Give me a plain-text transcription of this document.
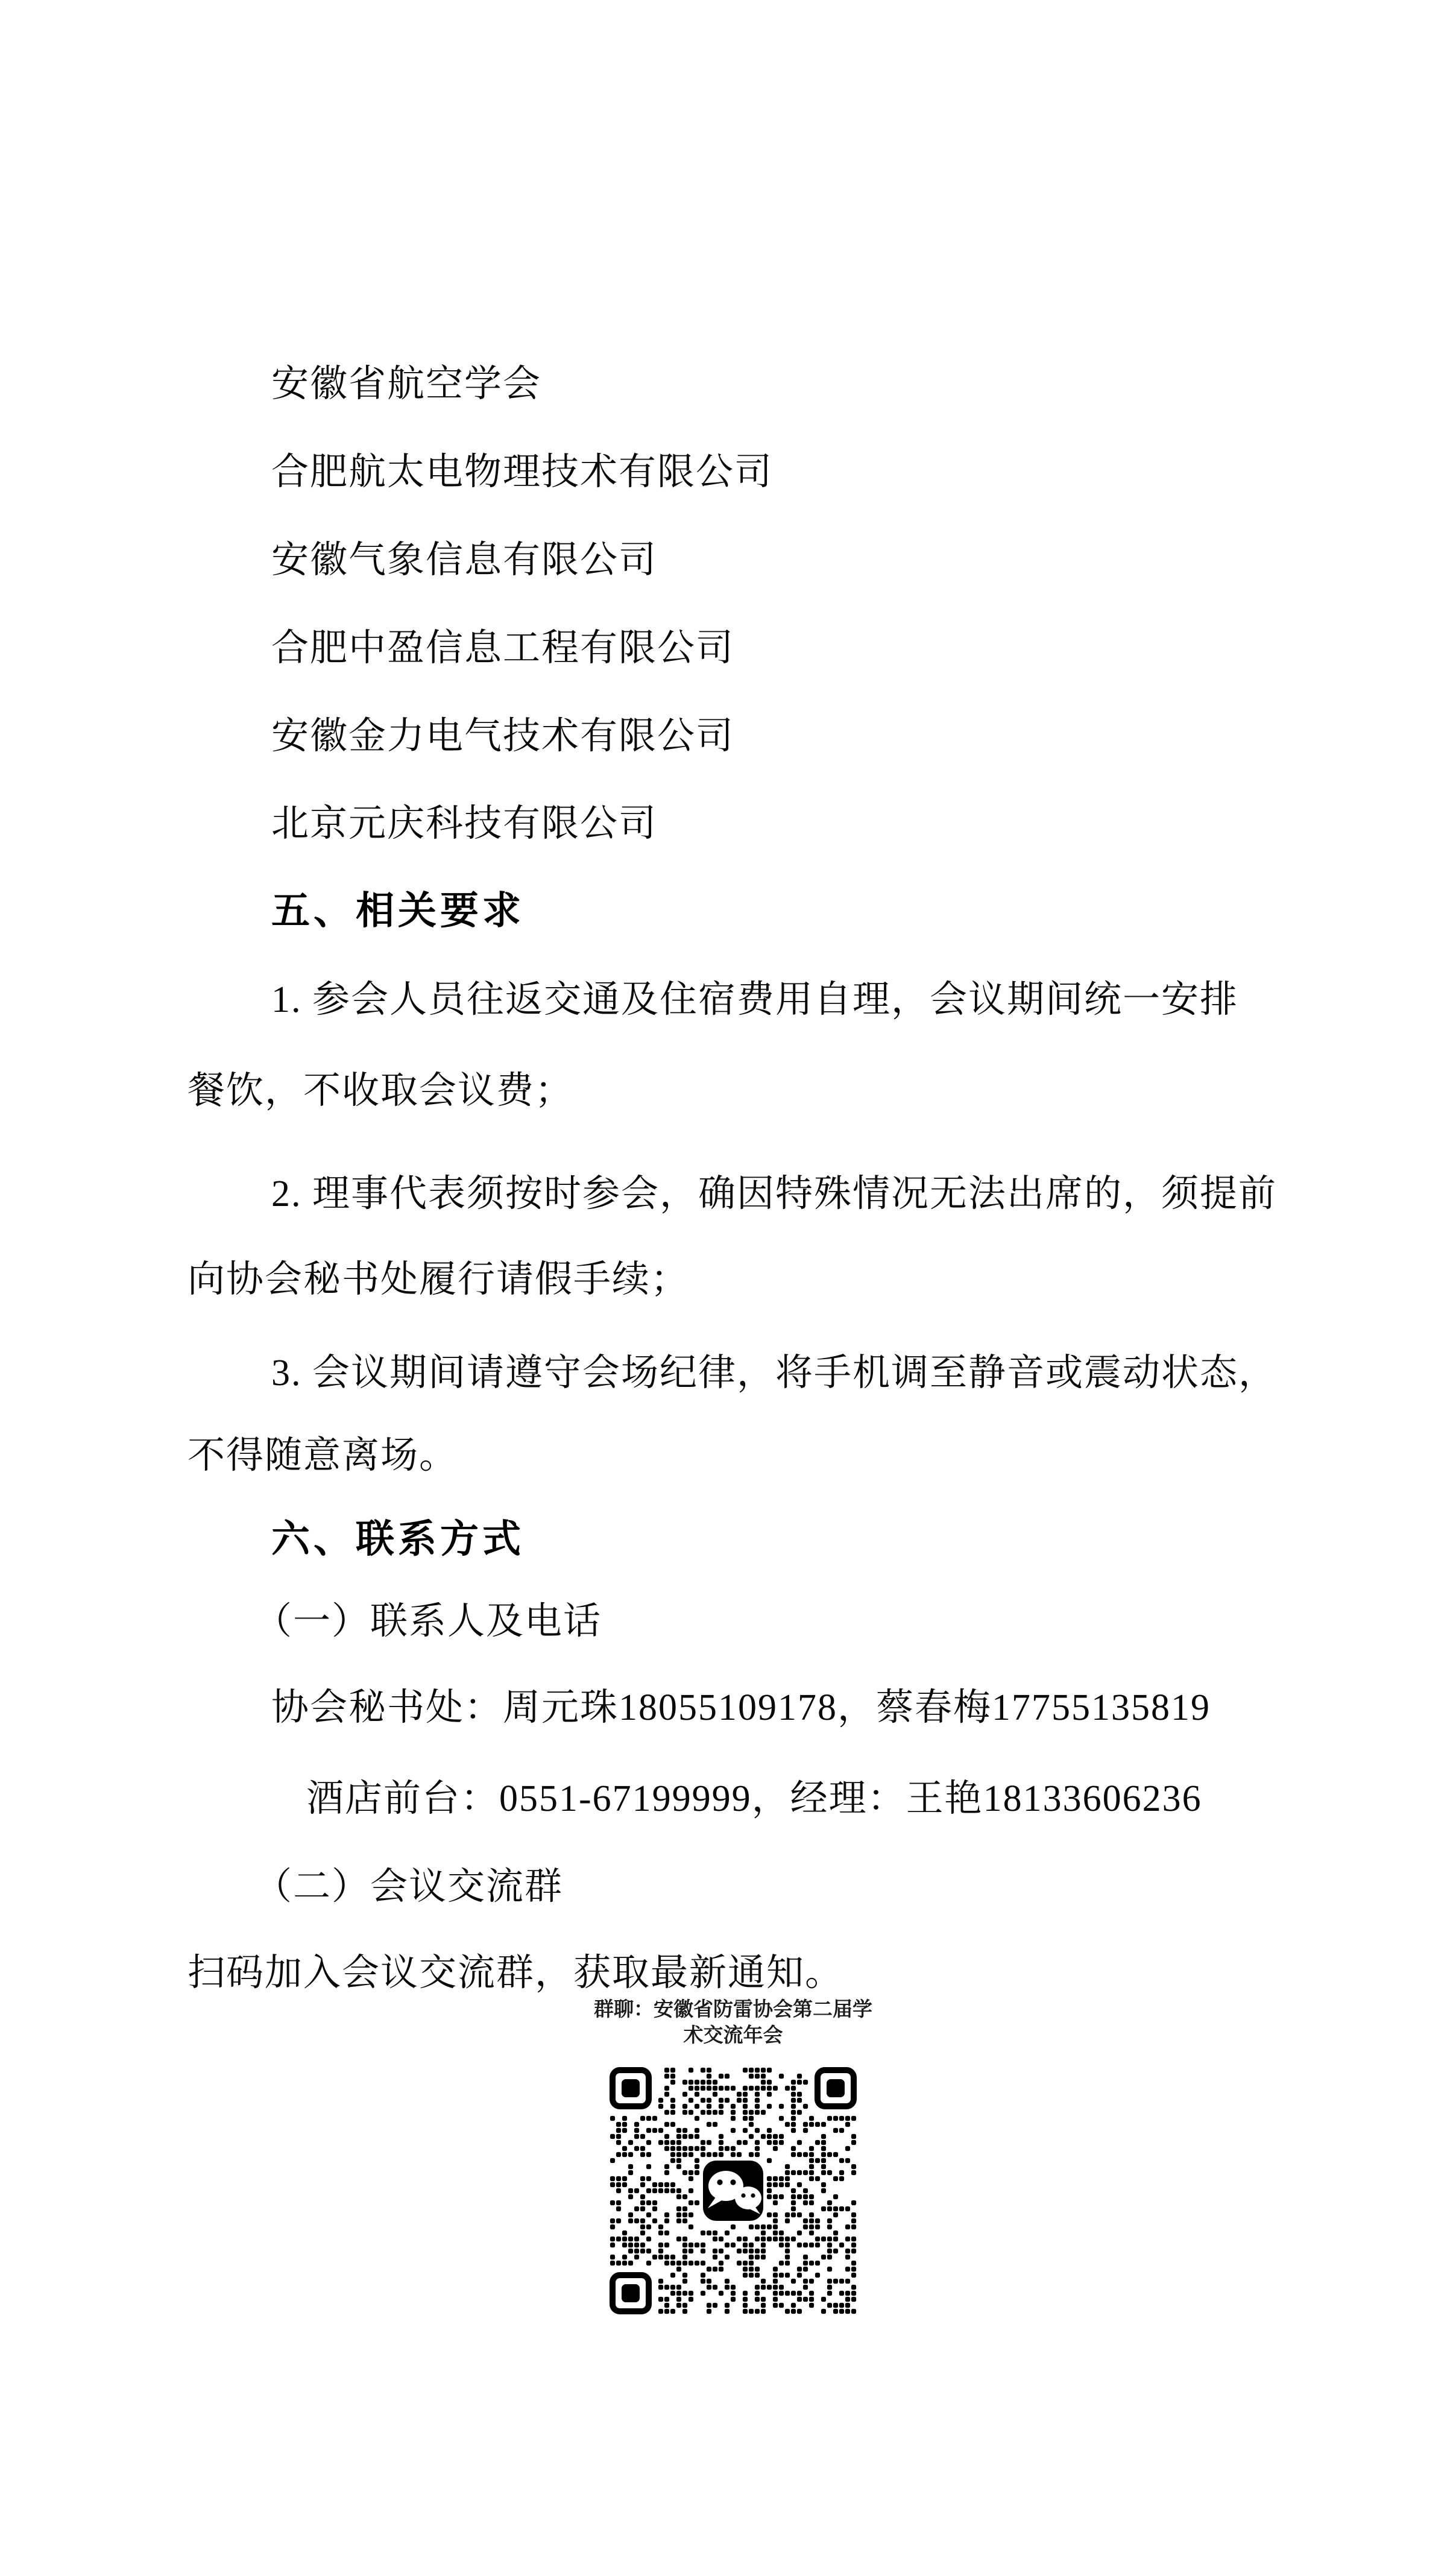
安徽省航空学会
合肥航太电物理技术有限公司
安徽气象信息有限公司
合肥中盈信息工程有限公司
安徽金力电气技术有限公司
北京元庆科技有限公司
五、相关要求
1. 参会人员往返交通及住宿费用自理，会议期间统一安排
餐饮，不收取会议费；
2. 理事代表须按时参会，确因特殊情况无法出席的，须提前
向协会秘书处履行请假手续；
3. 会议期间请遵守会场纪律，将手机调至静音或震动状态，
不得随意离场。
六、联系方式
（一）联系人及电话
协会秘书处：周元珠18055109178，蔡春梅17755135819
酒店前台：0551-67199999，经理：王艳18133606236
（二）会议交流群
扫码加入会议交流群，获取最新通知。
群聊：安徽省防雷协会第二届学
术交流年会
